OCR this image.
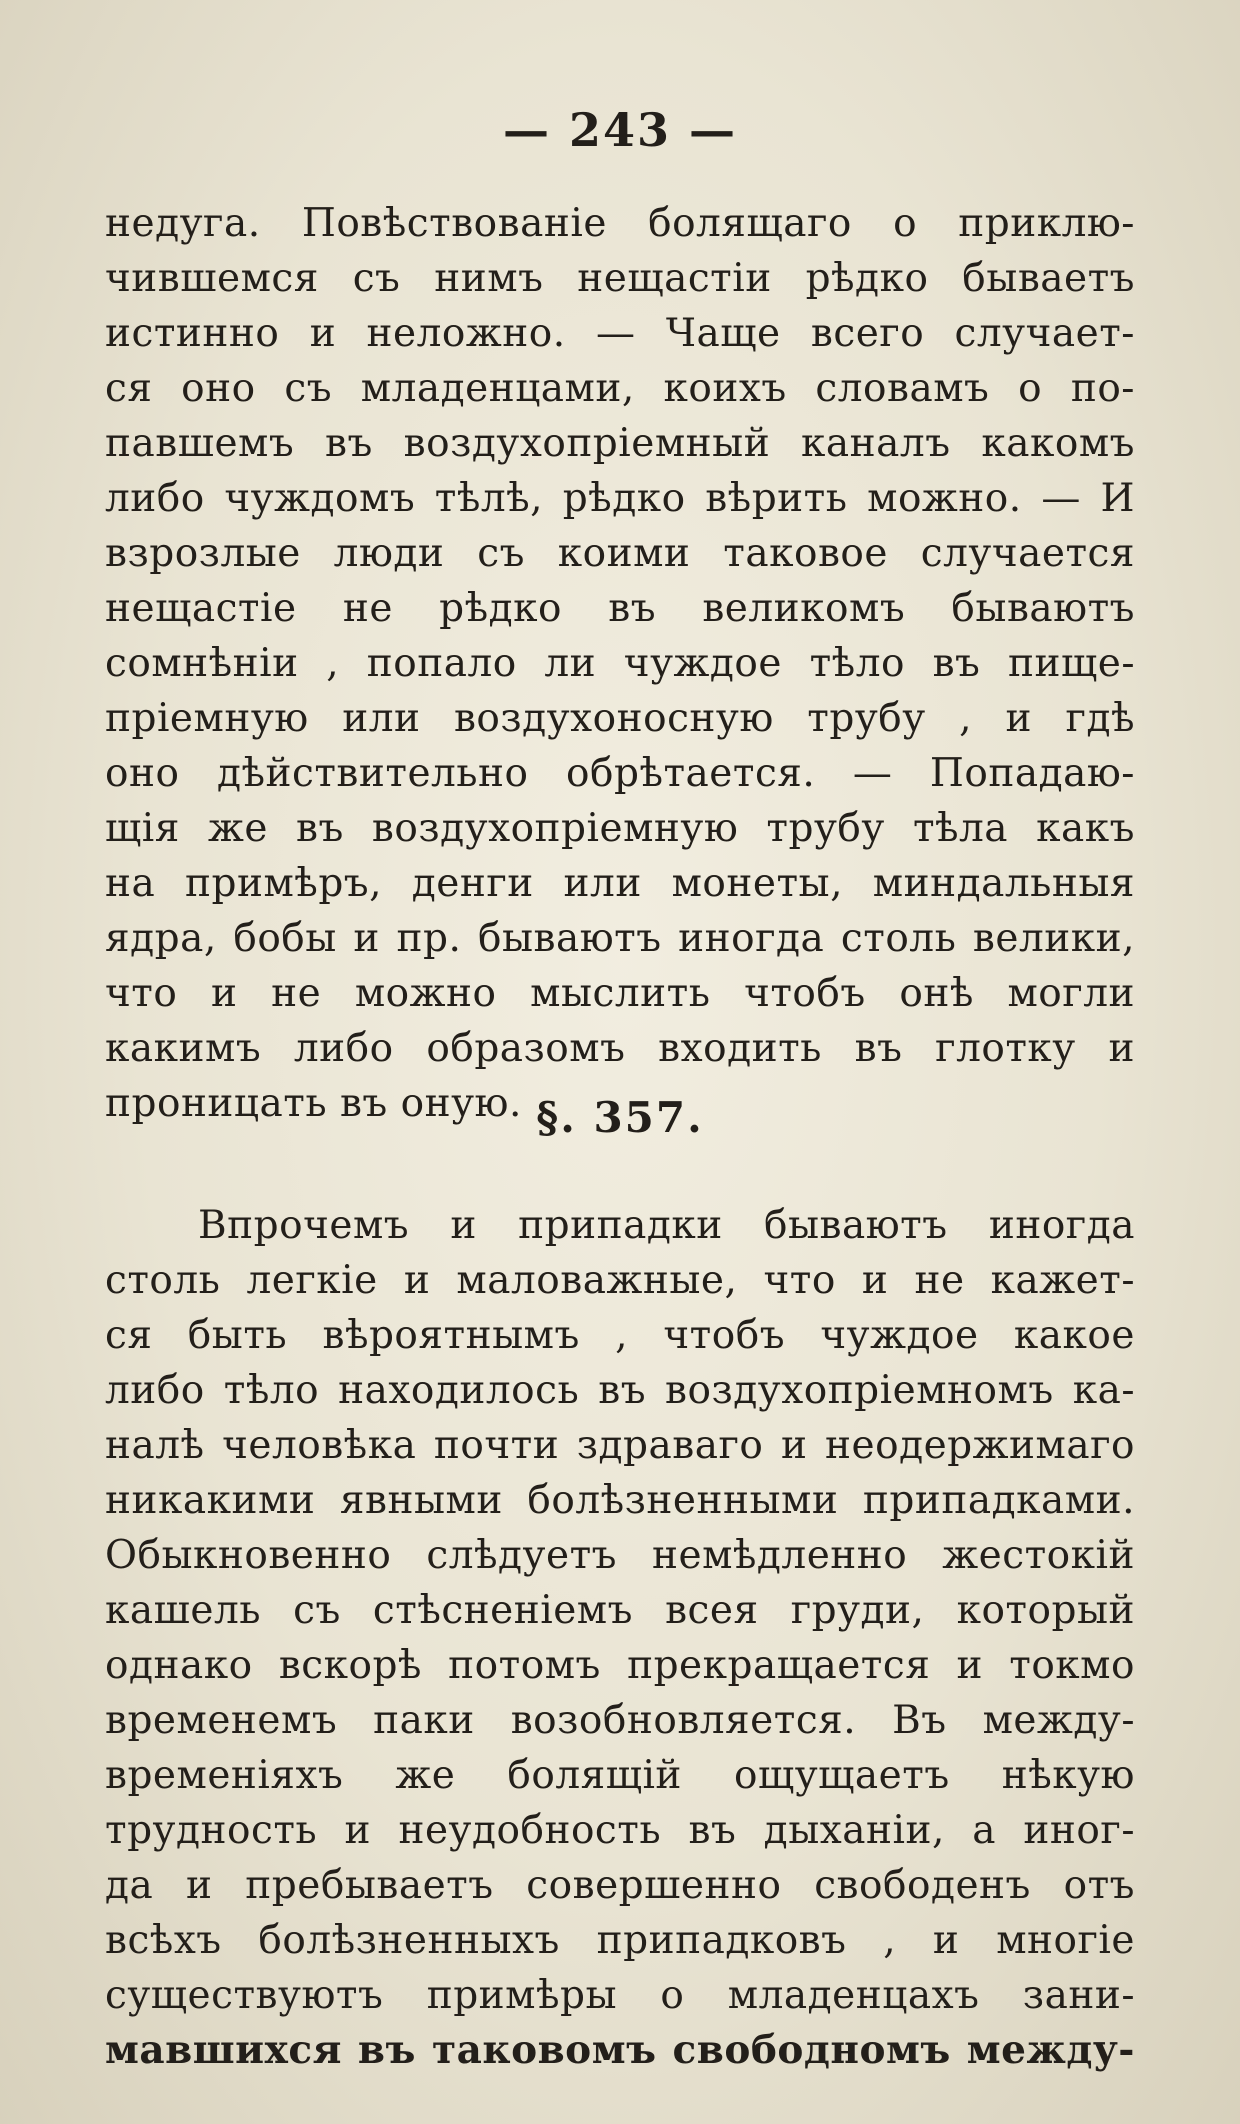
— 243 —
недуга. Повѣствованіе болящаго о приклю-
чившемся съ нимъ нещастіи рѣдко бываетъ
истинно и неложно. — Чаще всего случает-
ся оно съ младенцами, коихъ словамъ о по-
павшемъ въ воздухопріемный каналъ какомъ
либо чуждомъ тѣлѣ, рѣдко вѣрить можно. — И
взрозлые люди съ коими таковое случается
нещастіе не рѣдко въ великомъ бываютъ
сомнѣніи , попало ли чуждое тѣло въ пище-
пріемную или воздухоносную трубу , и гдѣ
оно дѣйствительно обрѣтается. — Попадаю-
щія же въ воздухопріемную трубу тѣла какъ
на примѣръ, денги или монеты, миндальныя
ядра, бобы и пр. бываютъ иногда столь велики,
что и не можно мыслить чтобъ онѣ могли
какимъ либо образомъ входить въ глотку и
проницать въ оную. §. 357.
Впрочемъ и припадки бываютъ иногда
столь легкіе и маловажные, что и не кажет-
ся быть вѣроятнымъ , чтобъ чуждое какое
либо тѣло находилось въ воздухопріемномъ ка-
налѣ человѣка почти здраваго и неодержимаго
никакими явными болѣзненными припадками.
Обыкновенно слѣдуетъ немѣдленно жестокій
кашель съ стѣсненіемъ всея груди, который
однако вскорѣ потомъ прекращается и токмо
временемъ паки возобновляется. Въ между-
временіяхъ же болящій ощущаетъ нѣкую
трудность и неудобность въ дыханіи, а иног-
да и пребываетъ совершенно свободенъ отъ
всѣхъ болѣзненныхъ припадковъ , и многіе
существуютъ примѣры о младенцахъ зани-
мавшихся въ таковомъ свободномъ между-
